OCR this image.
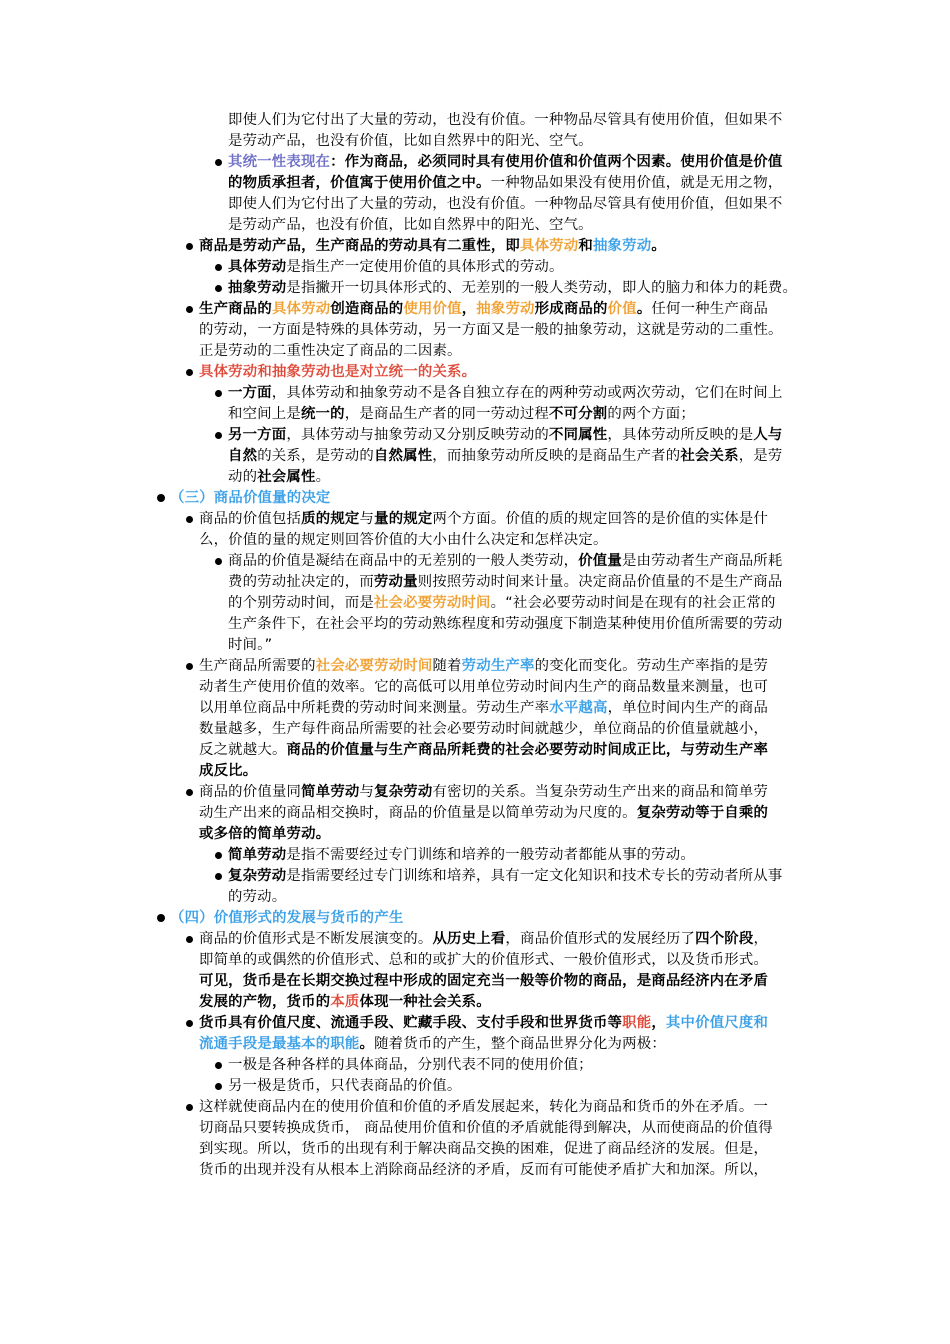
即使人们为它付出了大量的劳动，也没有价值。一种物品尽管具有使用价值，但如果不
是劳动产品，也没有价值，比如自然界中的阳光、空气。
其统一性表现在：作为商品，必须同时具有使用价值和价值两个因素。使用价值是价值
的物质承担者，价值寓于使用价值之中。一种物品如果没有使用价值，就是无用之物，
即使人们为它付出了大量的劳动，也没有价值。一种物品尽管具有使用价值，但如果不
是劳动产品，也没有价值，比如自然界中的阳光、空气。
商品是劳动产品，生产商品的劳动具有二重性，即具体劳动和抽象劳动。
具体劳动是指生产一定使用价值的具体形式的劳动。
抽象劳动是指撇开一切具体形式的、无差别的一般人类劳动，即人的脑力和体力的耗费。
生产商品的具体劳动创造商品的使用价值，抽象劳动形成商品的价值。任何一种生产商品
的劳动，一方面是特殊的具体劳动，另一方面又是一般的抽象劳动，这就是劳动的二重性。
正是劳动的二重性决定了商品的二因素。
具体劳动和抽象劳动也是对立统一的关系。
一方面，具体劳动和抽象劳动不是各自独立存在的两种劳动或两次劳动，它们在时间上
和空间上是统一的，是商品生产者的同一劳动过程不可分割的两个方面；
另一方面，具体劳动与抽象劳动又分别反映劳动的不同属性，具体劳动所反映的是人与
自然的关系，是劳动的自然属性，而抽象劳动所反映的是商品生产者的社会关系，是劳
动的社会属性。
（三）商品价值量的决定
商品的价值包括质的规定与量的规定两个方面。价值的质的规定回答的是价值的实体是什
么，价值的量的规定则回答价值的大小由什么决定和怎样决定。
商品的价值是凝结在商品中的无差别的一般人类劳动，价值量是由劳动者生产商品所耗
费的劳动扯决定的，而劳动量则按照劳动时间来计量。决定商品价值量的不是生产商品
的个别劳动时间，而是社会必要劳动时间。“社会必要劳动时间是在现有的社会正常的
生产条件下，在社会平均的劳动熟练程度和劳动强度下制造某种使用价值所需要的劳动
时间。”
生产商品所需要的社会必要劳动时间随着劳动生产率的变化而变化。劳动生产率指的是劳
动者生产使用价值的效率。它的高低可以用单位劳动时间内生产的商品数量来测量，也可
以用单位商品中所耗费的劳动时间来测量。劳动生产率水平越高，单位时间内生产的商品
数量越多，生产每件商品所需要的社会必要劳动时间就越少，单位商品的价值量就越小，
反之就越大。商品的价值量与生产商品所耗费的社会必要劳动时间成正比，与劳动生产率
成反比。
商品的价值量同简单劳动与复杂劳动有密切的关系。当复杂劳动生产出来的商品和简单劳
动生产出来的商品相交换时，商品的价值量是以简单劳动为尺度的。复杂劳动等于自乘的
或多倍的简单劳动。
简单劳动是指不需要经过专门训练和培养的一般劳动者都能从事的劳动。
复杂劳动是指需要经过专门训练和培养，具有一定文化知识和技术专长的劳动者所从事
的劳动。
（四）价值形式的发展与货币的产生
商品的价值形式是不断发展演变的。从历史上看，商品价值形式的发展经历了四个阶段，
即简单的或偶然的价值形式、总和的或扩大的价值形式、一般价值形式，以及货币形式。
可见，货币是在长期交换过程中形成的固定充当一般等价物的商品，是商品经济内在矛盾
发展的产物，货币的本质体现一种社会关系。
货币具有价值尺度、流通手段、贮藏手段、支付手段和世界货币等职能，其中价值尺度和
流通手段是最基本的职能。随着货币的产生，整个商品世界分化为两极：
一极是各种各样的具体商品，分别代表不同的使用价值；
另一极是货币，只代表商品的价值。
这样就使商品内在的使用价值和价值的矛盾发展起来，转化为商品和货币的外在矛盾。一
切商品只要转换成货币， 商品使用价值和价值的矛盾就能得到解决，从而使商品的价值得
到实现。所以，货币的出现有利于解决商品交换的困难，促进了商品经济的发展。但是，
货币的出现并没有从根本上消除商品经济的矛盾，反而有可能使矛盾扩大和加深。所以，
